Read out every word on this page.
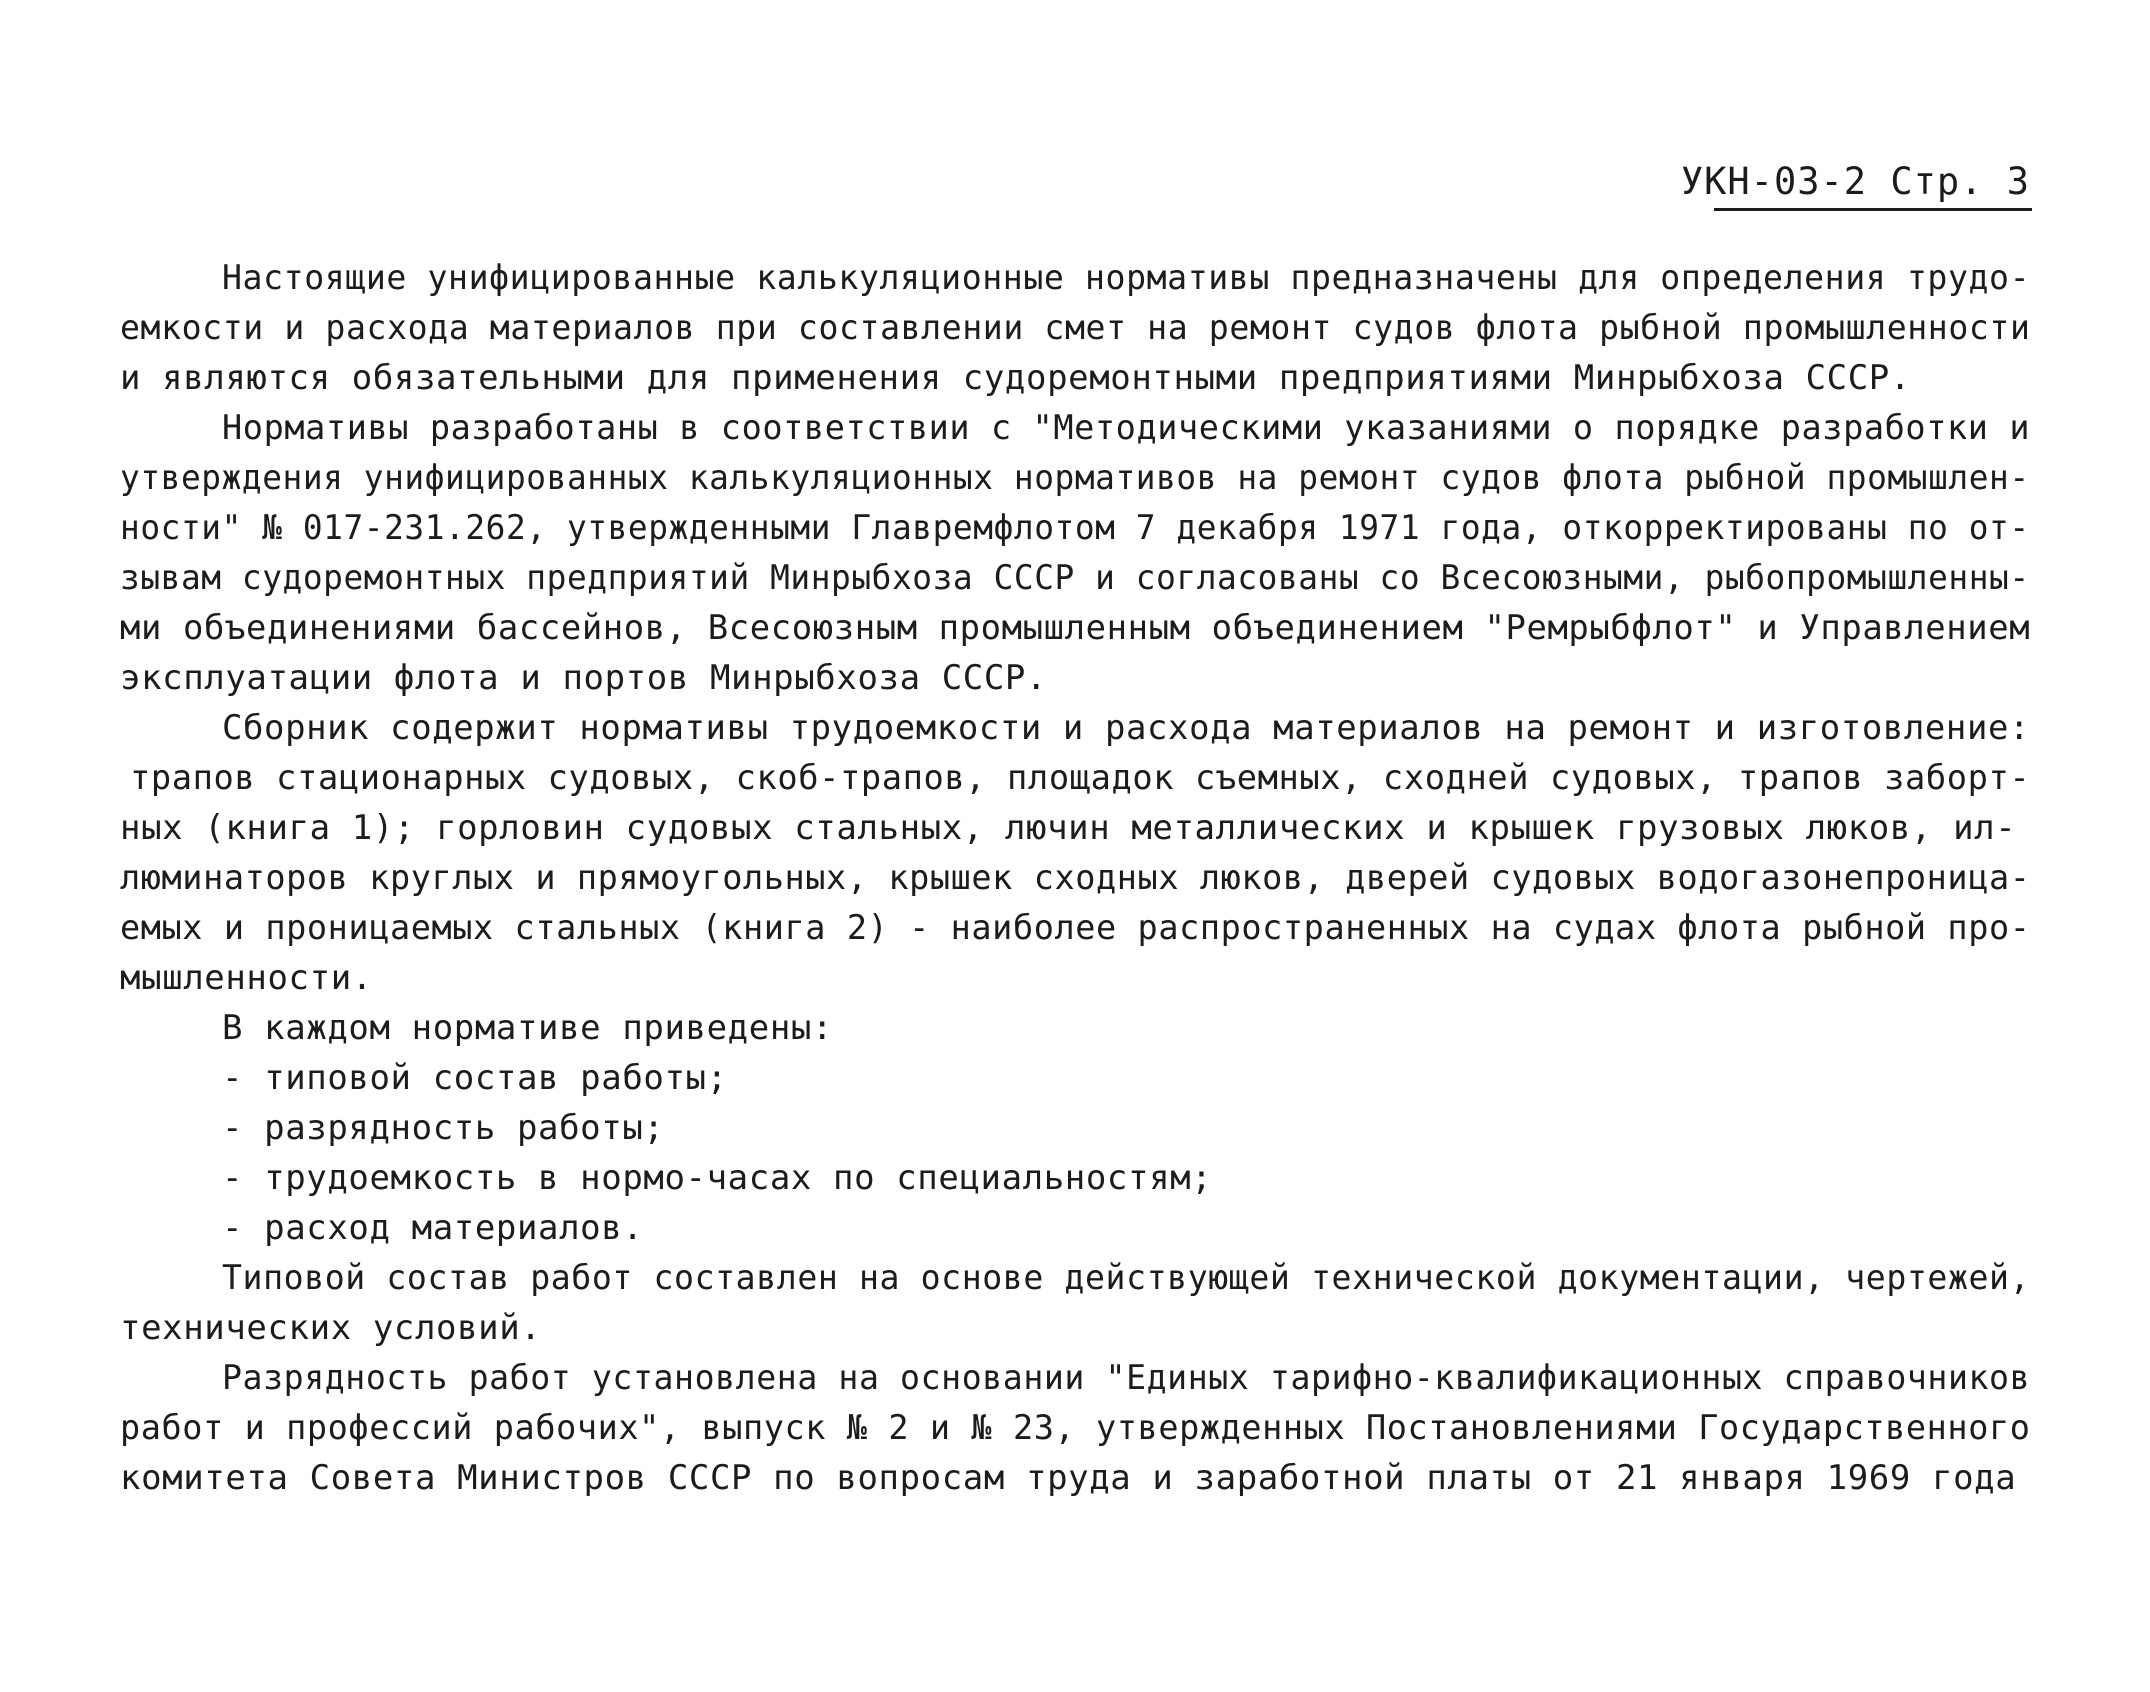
УКН-03-2 Стр. 3
Настоящие унифицированные калькуляционные нормативы предназначены для определения трудо-
емкости и расхода материалов при составлении смет на ремонт судов флота рыбной промышленности
и являются обязательными для применения судоремонтными предприятиями Минрыбхоза СССР.
Нормативы разработаны в соответствии с "Методическими указаниями о порядке разработки и
утверждения унифицированных калькуляционных нормативов на ремонт судов флота рыбной промышлен-
ности" № 017-231.262, утвержденными Главремфлотом 7 декабря 1971 года, откорректированы по от-
зывам судоремонтных предприятий Минрыбхоза СССР и согласованы со Всесоюзными, рыбопромышленны-
ми объединениями бассейнов, Всесоюзным промышленным объединением "Ремрыбфлот" и Управлением
эксплуатации флота и портов Минрыбхоза СССР.
Сборник содержит нормативы трудоемкости и расхода материалов на ремонт и изготовление:
трапов стационарных судовых, скоб-трапов, площадок съемных, сходней судовых, трапов заборт-
ных (книга 1); горловин судовых стальных, лючин металлических и крышек грузовых люков, ил-
люминаторов круглых и прямоугольных, крышек сходных люков, дверей судовых водогазонепроница-
емых и проницаемых стальных (книга 2) - наиболее распространенных на судах флота рыбной про-
мышленности.
В каждом нормативе приведены:
- типовой состав работы;
- разрядность работы;
- трудоемкость в нормо-часах по специальностям;
- расход материалов.
Типовой состав работ составлен на основе действующей технической документации, чертежей,
технических условий.
Разрядность работ установлена на основании "Единых тарифно-квалификационных справочников
работ и профессий рабочих", выпуск № 2 и № 23, утвержденных Постановлениями Государственного
комитета Совета Министров СССР по вопросам труда и заработной платы от 21 января 1969 года
